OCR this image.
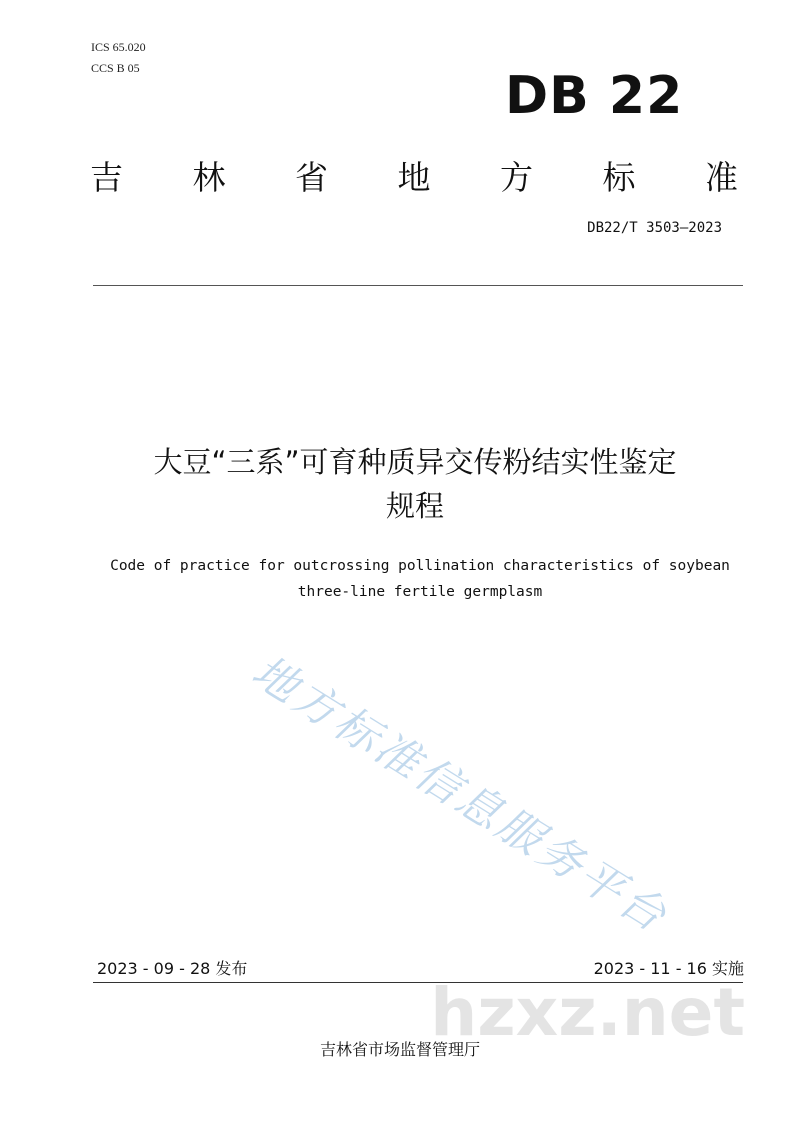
ICS 65.020
CCS B 05	DB 22
吉 林 省 地 方 标 准
DB22/T 3503—2023
大豆“三系”可育种质异交传粉结实性鉴定
规程
Code of practice for outcrossing pollination characteristics of soybean
three-line fertile germplasm
地方标准信息服务平台
2023 - 09 - 28 发布	2023 - 11 - 16 实施
hzxz.net
吉林省市场监督管理厅
